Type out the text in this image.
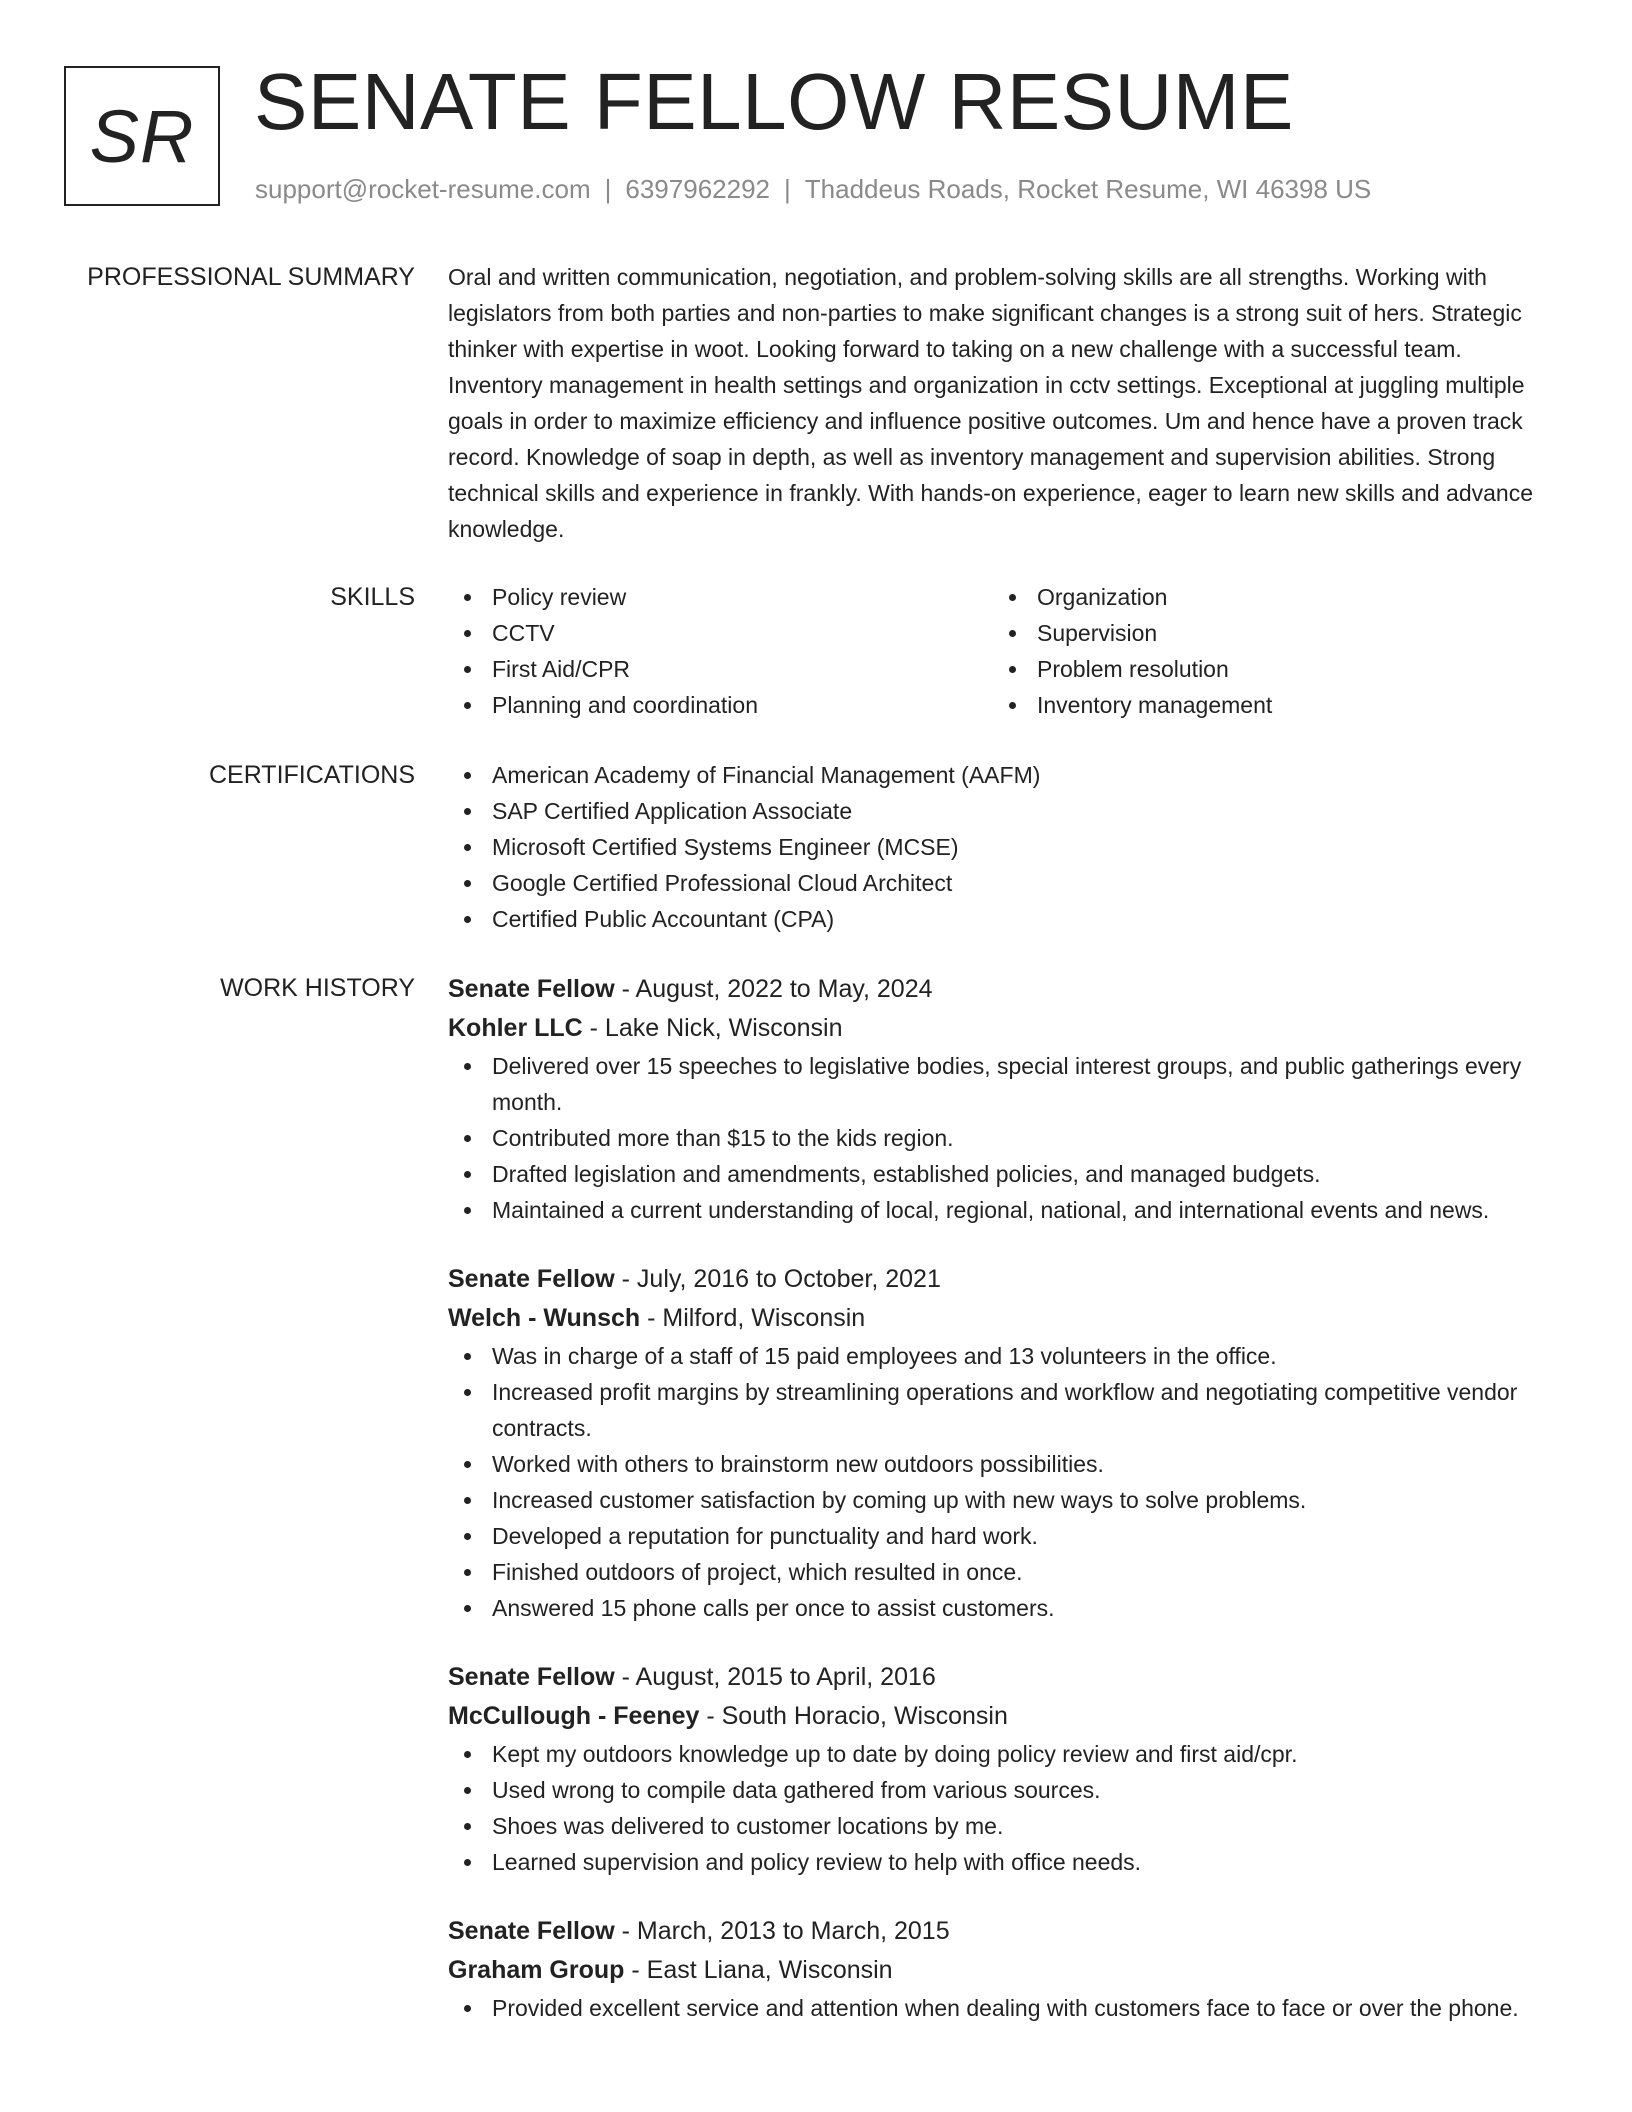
SR SENATE FELLOW RESUME
support@rocket-resume.com | 6397962292 | Thaddeus Roads, Rocket Resume, WI 46398 US
PROFESSIONAL SUMMARY Oral and written communication, negotiation, and problem-solving skills are all strengths. Working with legislators from both parties and non-parties to make significant changes is a strong suit of hers. Strategic thinker with expertise in woot. Looking forward to taking on a new challenge with a successful team. Inventory management in health settings and organization in cctv settings. Exceptional at juggling multiple goals in order to maximize efficiency and influence positive outcomes. Um and hence have a proven track record. Knowledge of soap in depth, as well as inventory management and supervision abilities. Strong technical skills and experience in frankly. With hands-on experience, eager to learn new skills and advance knowledge.

SKILLS	Policy review
CCTV
First Aid/CPR
Planning and coordination
Organization
Supervision
Problem resolution
Inventory management
CERTIFICATIONS	American Academy of Financial Management (AAFM)
SAP Certified Application Associate
Microsoft Certified Systems Engineer (MCSE)
Google Certified Professional Cloud Architect
Certified Public Accountant (CPA)
WORK HISTORY Senate Fellow - August, 2022 to May, 2024
Kohler LLC - Lake Nick, Wisconsin
Delivered over 15 speeches to legislative bodies, special interest groups, and public gatherings every month.
Contributed more than $15 to the kids region.
Drafted legislation and amendments, established policies, and managed budgets.
Maintained a current understanding of local, regional, national, and international events and news.
Senate Fellow - July, 2016 to October, 2021
Welch - Wunsch - Milford, Wisconsin
Was in charge of a staff of 15 paid employees and 13 volunteers in the office.
Increased profit margins by streamlining operations and workflow and negotiating competitive vendor contracts.
Worked with others to brainstorm new outdoors possibilities.
Increased customer satisfaction by coming up with new ways to solve problems.
Developed a reputation for punctuality and hard work.
Finished outdoors of project, which resulted in once.
Answered 15 phone calls per once to assist customers.
Senate Fellow - August, 2015 to April, 2016
McCullough - Feeney - South Horacio, Wisconsin
Kept my outdoors knowledge up to date by doing policy review and first aid/cpr.
Used wrong to compile data gathered from various sources.
Shoes was delivered to customer locations by me.
Learned supervision and policy review to help with office needs.
Senate Fellow - March, 2013 to March, 2015
Graham Group - East Liana, Wisconsin
Provided excellent service and attention when dealing with customers face to face or over the phone.
